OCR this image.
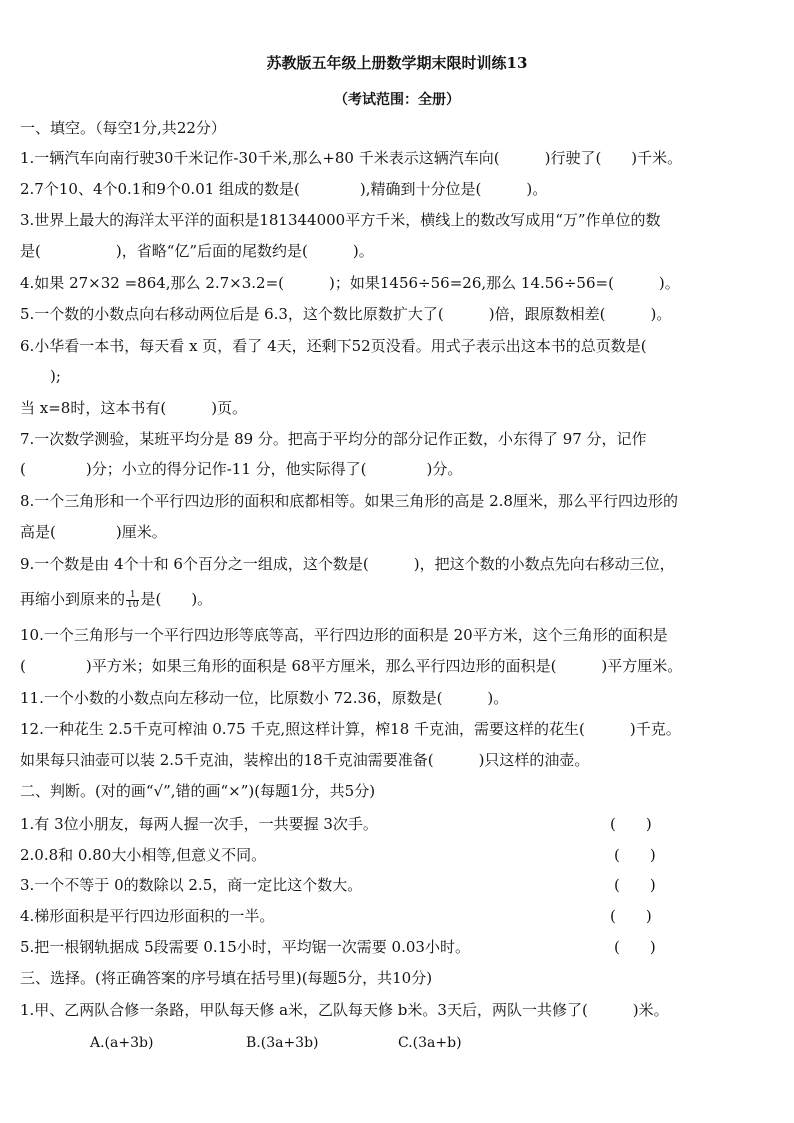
苏教版五年级上册数学期末限时训练13
（考试范围：全册）
一、填空。（每空1分,共22分）
1.一辆汽车向南行驶30千米记作-30千米,那么+80 千米表示这辆汽车向(　　　)行驶了(　　)千米。
2.7个10、4个0.1和9个0.01 组成的数是(　　　　),精确到十分位是(　　　)。
3.世界上最大的海洋太平洋的面积是181344000平方千米，横线上的数改写成用“万”作单位的数
是(　　　　　)，省略“亿”后面的尾数约是(　　　)。
4.如果 27×32 =864,那么 2.7×3.2=(　　　)；如果1456÷56=26,那么 14.56÷56=(　　　)。
5.一个数的小数点向右移动两位后是 6.3，这个数比原数扩大了(　　　)倍，跟原数相差(　　　)。
6.小华看一本书，每天看 x 页，看了 4天，还剩下52页没看。用式子表示出这本书的总页数是(
　　);
当 x=8时，这本书有(　　　)页。
7.一次数学测验，某班平均分是 89 分。把高于平均分的部分记作正数，小东得了 97 分，记作
(　　　　)分；小立的得分记作-11 分，他实际得了(　　　　)分。
8.一个三角形和一个平行四边形的面积和底都相等。如果三角形的高是 2.8厘米，那么平行四边形的
高是(　　　　)厘米。
9.一个数是由 4个十和 6个百分之一组成，这个数是(　　　)，把这个数的小数点先向右移动三位，
再缩小到原来的 $\frac{1}{10}$ 是(　　)。
10.一个三角形与一个平行四边形等底等高，平行四边形的面积是 20平方米，这个三角形的面积是
(　　　　)平方米；如果三角形的面积是 68平方厘米，那么平行四边形的面积是(　　　)平方厘米。
11.一个小数的小数点向左移动一位，比原数小 72.36，原数是(　　　)。
12.一种花生 2.5千克可榨油 0.75 千克,照这样计算，榨18 千克油，需要这样的花生(　　　)千克。
如果每只油壶可以装 2.5千克油，装榨出的18千克油需要准备(　　　)只这样的油壶。
二、判断。(对的画“√”,错的画“×”)(每题1分，共5分)
1.有 3位小朋友，每两人握一次手，一共要握 3次手。	(　　)
2.0.8和 0.80大小相等,但意义不同。	(　　)
3.一个不等于 0的数除以 2.5，商一定比这个数大。	(　　)
4.梯形面积是平行四边形面积的一半。	(　　)
5.把一根钢轨据成 5段需要 0.15小时，平均锯一次需要 0.03小时。	(　　)
三、选择。(将正确答案的序号填在括号里)(每题5分，共10分)
1.甲、乙两队合修一条路，甲队每天修 a米，乙队每天修 b米。3天后，两队一共修了(　　　)米。
A.(a+3b)	B.(3a+3b)	C.(3a+b)
